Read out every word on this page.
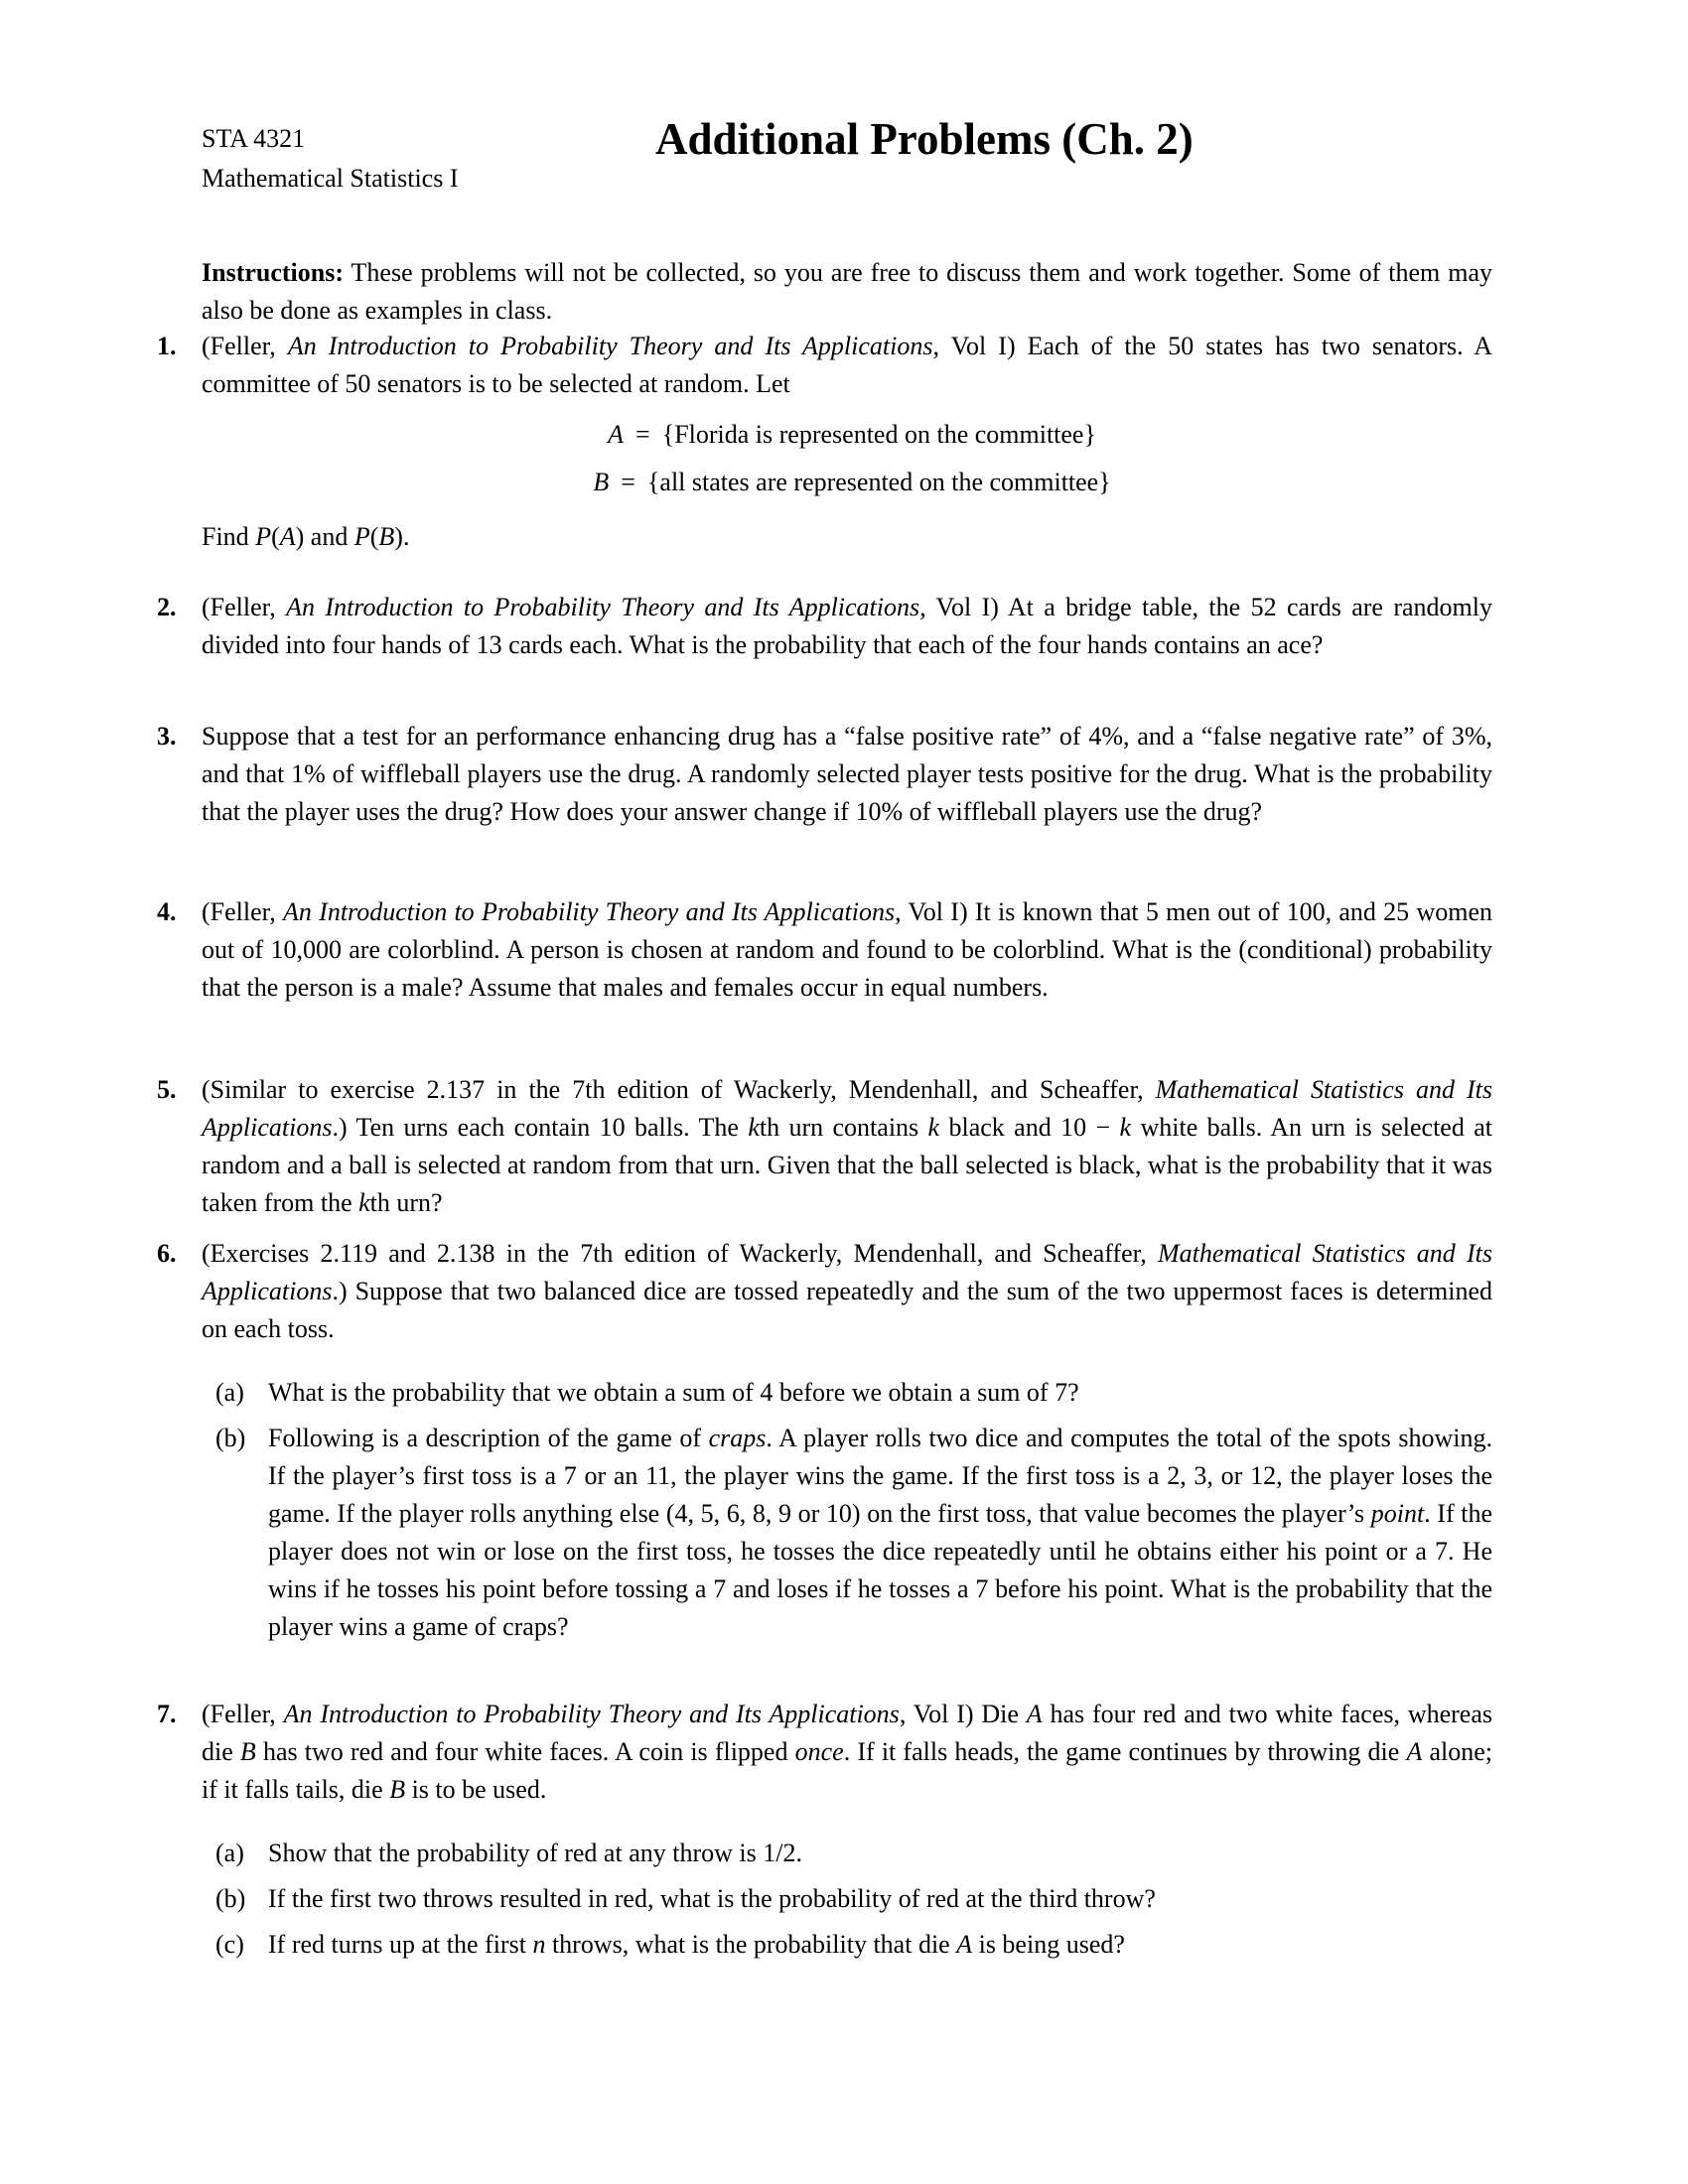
STA 4321
Mathematical Statistics I
Additional Problems (Ch. 2)

Instructions: These problems will not be collected, so you are free to discuss them and work together. Some of them may also be done as examples in class.

1. (Feller, An Introduction to Probability Theory and Its Applications, Vol I) Each of the 50 states has two senators. A committee of 50 senators is to be selected at random. Let
A = {Florida is represented on the committee}
B = {all states are represented on the committee}
Find P(A) and P(B).
2. (Feller, An Introduction to Probability Theory and Its Applications, Vol I) At a bridge table, the 52 cards are randomly divided into four hands of 13 cards each. What is the probability that each of the four hands contains an ace?
3. Suppose that a test for an performance enhancing drug has a “false positive rate” of 4%, and a “false negative rate” of 3%, and that 1% of wiffleball players use the drug. A randomly selected player tests positive for the drug. What is the probability that the player uses the drug? How does your answer change if 10% of wiffleball players use the drug?
4. (Feller, An Introduction to Probability Theory and Its Applications, Vol I) It is known that 5 men out of 100, and 25 women out of 10,000 are colorblind. A person is chosen at random and found to be colorblind. What is the (conditional) probability that the person is a male? Assume that males and females occur in equal numbers.
5. (Similar to exercise 2.137 in the 7th edition of Wackerly, Mendenhall, and Scheaffer, Mathematical Statistics and Its Applications.) Ten urns each contain 10 balls. The kth urn contains k black and 10 − k white balls. An urn is selected at random and a ball is selected at random from that urn. Given that the ball selected is black, what is the probability that it was taken from the kth urn?
6. (Exercises 2.119 and 2.138 in the 7th edition of Wackerly, Mendenhall, and Scheaffer, Mathematical Statistics and Its Applications.) Suppose that two balanced dice are tossed repeatedly and the sum of the two uppermost faces is determined on each toss.
(a) What is the probability that we obtain a sum of 4 before we obtain a sum of 7?
(b) Following is a description of the game of craps. A player rolls two dice and computes the total of the spots showing. If the player’s first toss is a 7 or an 11, the player wins the game. If the first toss is a 2, 3, or 12, the player loses the game. If the player rolls anything else (4, 5, 6, 8, 9 or 10) on the first toss, that value becomes the player’s point. If the player does not win or lose on the first toss, he tosses the dice repeatedly until he obtains either his point or a 7. He wins if he tosses his point before tossing a 7 and loses if he tosses a 7 before his point. What is the probability that the player wins a game of craps?
7. (Feller, An Introduction to Probability Theory and Its Applications, Vol I) Die A has four red and two white faces, whereas die B has two red and four white faces. A coin is flipped once. If it falls heads, the game continues by throwing die A alone; if it falls tails, die B is to be used.
(a) Show that the probability of red at any throw is 1/2.
(b) If the first two throws resulted in red, what is the probability of red at the third throw?
(c) If red turns up at the first n throws, what is the probability that die A is being used?
